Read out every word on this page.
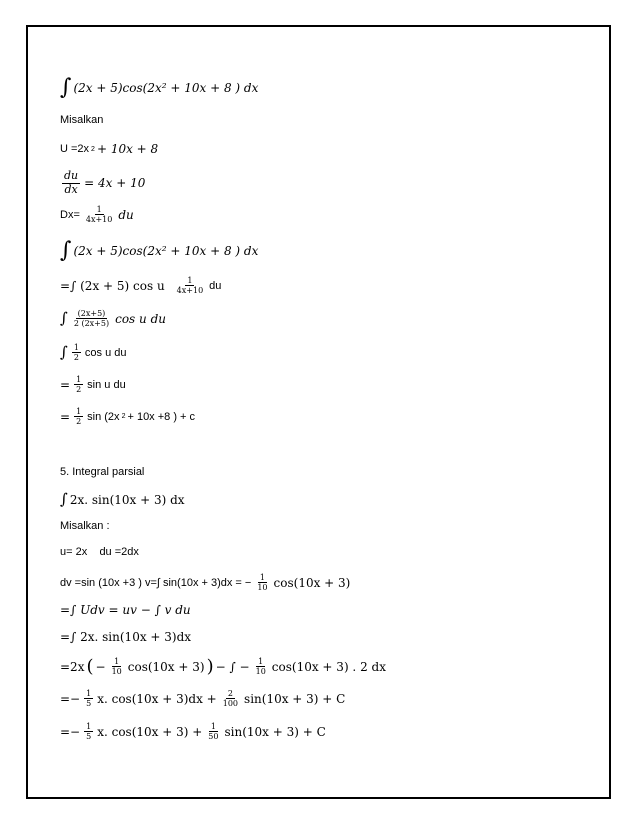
∫ (2x + 5)cos(2x² + 10x + 8 ) dx
Misalkan
U =2x 2 + 10x + 8
$\frac{du}{dx} = 4x + 10$
$Dx= \frac{1}{4x+10}$ du
∫ (2x + 5)cos(2x² + 10x + 8 ) dx
=∫ (2x + 5) cos u $\frac{1}{4x+10}$ du
∫ $\frac{(2x+5)}{2 (2x+5)}$ cos u du
∫ $\frac{1}{2}$ cos u du
= $\frac{1}{2}$ sin u du
= $\frac{1}{2}$ sin (2x 2 + 10x +8 ) + c
5. Integral parsial
∫ 2x. sin(10x + 3) dx
Misalkan :
u= 2x    du =2dx
dv =sin (10x +3 ) v=∫ sin(10x + 3)dx = − $\frac{1}{10} \cos(10x + 3)$
=∫ Udv = uv − ∫ v du
=∫ 2x. sin(10x + 3)dx
=2x ( − $\frac{1}{10} \cos(10x + 3)$ ) − ∫ − $\frac{1}{10} \cos(10x + 3)$ . 2 dx
=− $\frac{1}{5} x$. $\cos(10x + 3)dx + \frac{2}{100} \sin(10x + 3) + C$
=− $\frac{1}{5} x$. $\cos(10x + 3) + \frac{1}{50} \sin(10x + 3) + C$
